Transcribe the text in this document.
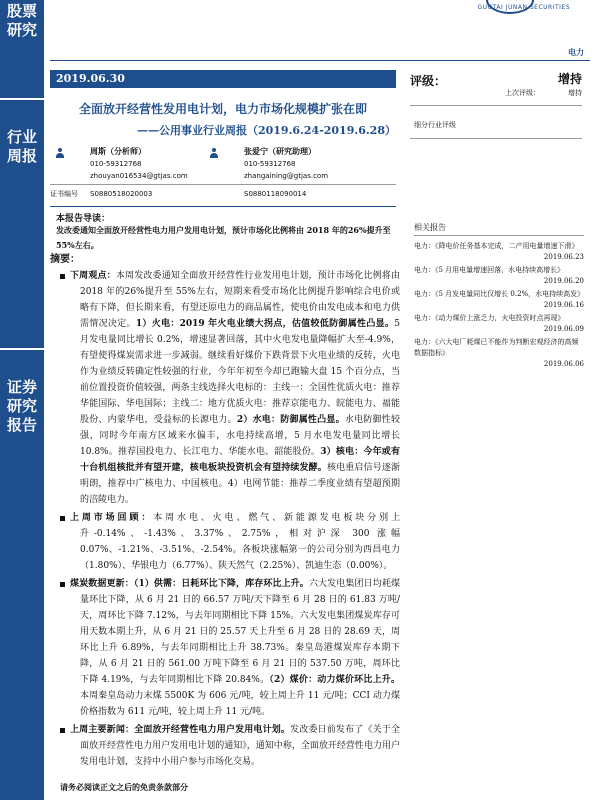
股票研究
行业周报
证券研究报告
GUOTAI JUNAN SECURITIES
电力
2019.06.30
全面放开经营性发用电计划，电力市场化规模扩张在即
——公用事业行业周报（2019.6.24-2019.6.28）
评级：	增持
上次评级：	增持
细分行业评级
周斯（分析师）
010-59312768
zhouyan016534@gtjas.com
张爱宁（研究助理）
010-59312768
zhangaining@gtjas.com
证书编号 S0880518020003	S0880118090014
本报告导读：
发改委通知全面放开经营性电力用户发用电计划，预计市场化比例将由 2018 年的26%提升至 55%左右。
摘要：

下周观点：本周发改委通知全面放开经营性行业发用电计划，预计市场化比例将由 2018 年的26%提升至 55%左右，短期来看受市场化比例提升影响综合电价或略有下降，但长期来看，有望还原电力的商品属性，使电价由发电成本和电力供需情况决定。1）火电：2019 年火电业绩大拐点，估值较低防御属性凸显。5 月发电量同比增长 0.2%，增速显著回落，其中火电发电量降幅扩大至-4.9%，有望使得煤炭需求进一步减弱。继续看好煤价下跌背景下火电业绩的反转，火电作为业绩反转确定性较强的行业，今年年初至今却已跑输大盘 15 个百分点，当前位置投资价值较强，两条主线选择火电标的：主线一：全国性优质火电：推荐华能国际、华电国际；主线二：地方优质火电：推荐京能电力、皖能电力、福能股份、内蒙华电，受益标的长源电力。2）水电：防御属性凸显。水电防御性较强，同时今年南方区域来水偏丰，水电持续高增，5 月水电发电量同比增长 10.8%。推荐国投电力、长江电力、华能水电、韶能股份。3）核电：今年或有十台机组核批并有望开建，核电板块投资机会有望持续发酵。核电重启信号逐渐明朗，推荐中广核电力、中国核电。4）电网节能：推荐二季度业绩有望超预期的涪陵电力。

上周市场回顾：本周水电、火电、燃气、新能源发电板块分别上升-0.14%、-1.43%、3.37%、2.75%，相对沪深 300 涨幅 0.07%、-1.21%、-3.51%、-2.54%。各板块涨幅第一的公司分别为西昌电力（1.80%）、华银电力（6.77%）、陕天然气（2.25%）、凯迪生态（0.00%）。

煤炭数据更新：（1）供需：日耗环比下降，库存环比上升。六大发电集团日均耗煤量环比下降，从 6 月 21 日的 66.57 万吨/天下降至 6 月 28 日的 61.83 万吨/天，周环比下降 7.12%，与去年同期相比下降 15%。六大发电集团煤炭库存可用天数本期上升，从 6 月 21 日的 25.57 天上升至 6 月 28 日的 28.69 天，周环比上升 6.89%，与去年同期相比上升 38.73%。秦皇岛港煤炭库存本期下降，从 6 月 21 日的 561.00 万吨下降至 6 月 21 日的 537.50 万吨，周环比下降 4.19%，与去年同期相比下降 20.84%。（2）煤价：动力煤价环比上升。本周秦皇岛动力末煤 5500K 为 606 元/吨，较上周上升 11 元/吨；CCI 动力煤价格指数为 611 元/吨，较上周上升 11 元/吨。

上周主要新闻：全面放开经营性电力用户发用电计划。发改委日前发布了《关于全面放开经营性电力用户发用电计划的通知》，通知中称，全面放开经营性电力用户发用电计划，支持中小用户参与市场化交易。

相关报告
电力：《降电价任务基本完成，二产用电量增速下滑》
2019.06.23
电力：《5 月用电量增速回落，水电持续高增长》
2019.06.20
电力：《5 月发电量同比仅增长 0.2%，水电持续高发》
2019.06.16
电力：《动力煤价上涨乏力，火电投资时点再现》
2019.06.09
电力：《六大电厂耗煤已不能作为判断宏观经济的高频数据指标》
2019.06.06
请务必阅读正文之后的免责条款部分
